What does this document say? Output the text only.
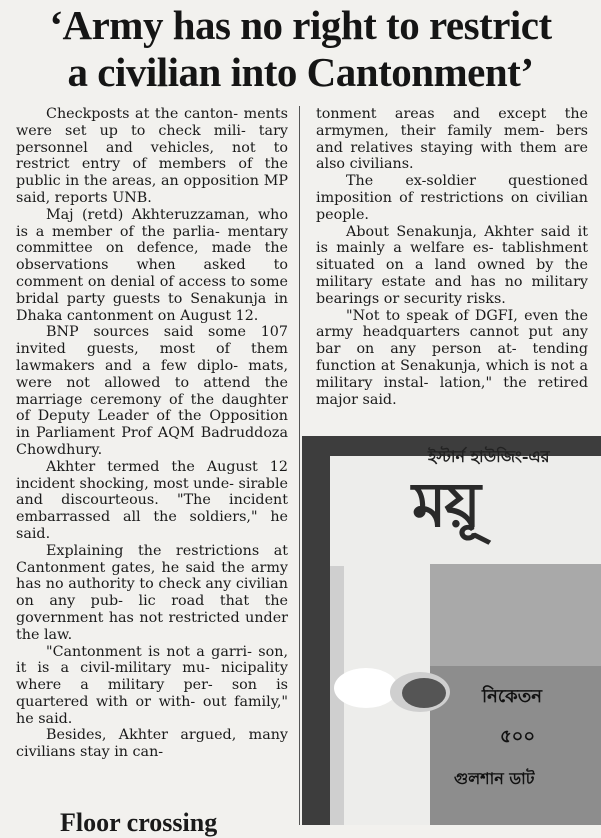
‘Army has no right to restrict
a civilian into Cantonment’

Checkposts at the canton- ments were set up to check mili- tary personnel and vehicles, not to restrict entry of members of the public in the areas, an opposition MP said, reports UNB.

Maj (retd) Akhteruzzaman, who is a member of the parlia- mentary committee on defence, made the observations when asked to comment on denial of access to some bridal party guests to Senakunja in Dhaka cantonment on August 12.

BNP sources said some 107 invited guests, most of them lawmakers and a few diplo- mats, were not allowed to attend the marriage ceremony of the daughter of Deputy Leader of the Opposition in Parliament Prof AQM Badruddoza Chowdhury.

Akhter termed the August 12 incident shocking, most unde- sirable and discourteous. "The incident embarrassed all the soldiers," he said.

Explaining the restrictions at Cantonment gates, he said the army has no authority to check any civilian on any pub- lic road that the government has not restricted under the law.

"Cantonment is not a garri- son, it is a civil-military mu- nicipality where a military per- son is quartered with or with- out family," he said.

Besides, Akhter argued, many civilians stay in can-

tonment areas and except the armymen, their family mem- bers and relatives staying with them are also civilians.

The ex-soldier questioned imposition of restrictions on civilian people.

About Senakunja, Akhter said it is mainly a welfare es- tablishment situated on a land owned by the military estate and has no military bearings or security risks.

"Not to speak of DGFI, even the army headquarters cannot put any bar on any person at- tending function at Senakunja, which is not a military instal- lation," the retired major said.

ইস্টার্ন হাউজিং-এর
ময়ূ
নিকেতন
৫০০
গুলশান ডাট
Floor crossing
